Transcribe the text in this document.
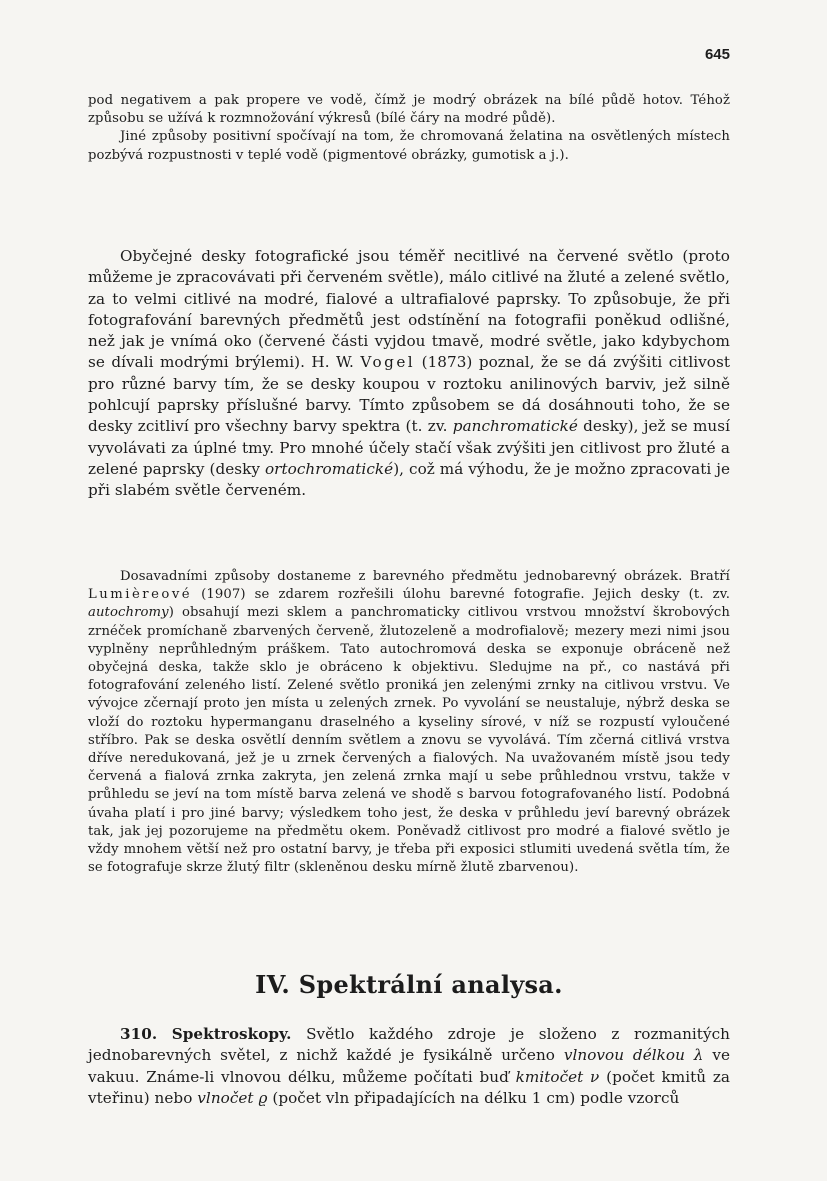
645

pod negativem a pak propere ve vodě, čímž je modrý obrázek na bílé půdě hotov. Téhož způsobu se užívá k rozmnožování výkresů (bílé čáry na modré půdě).

Jiné způsoby positivní spočívají na tom, že chromovaná želatina na osvětlených místech pozbývá rozpustnosti v teplé vodě (pigmentové obrázky, gumotisk a j.).

Obyčejné desky fotografické jsou téměř necitlivé na červené světlo (proto můžeme je zpracovávati při červeném světle), málo citlivé na žluté a zelené světlo, za to velmi citlivé na modré, fialové a ultrafialové paprsky. To způsobuje, že při fotografování barevných předmětů jest odstínění na fotografii poněkud odlišné, než jak je vnímá oko (červené části vyjdou tmavě, modré světle, jako kdybychom se dívali modrými brýlemi). H. W. Vogel (1873) poznal, že se dá zvýšiti citlivost pro různé barvy tím, že se desky koupou v roztoku anilinových barviv, jež silně pohlcují paprsky příslušné barvy. Tímto způsobem se dá dosáhnouti toho, že se desky zcitliví pro všechny barvy spektra (t. zv. panchromatické desky), jež se musí vyvolávati za úplné tmy. Pro mnohé účely stačí však zvýšiti jen citlivost pro žluté a zelené paprsky (desky ortochromatické), což má výhodu, že je možno zpracovati je při slabém světle červeném.

Dosavadními způsoby dostaneme z barevného předmětu jednobarevný obrázek. Bratří Lumièreové (1907) se zdarem rozřešili úlohu barevné fotografie. Jejich desky (t. zv. autochromy) obsahují mezi sklem a panchromaticky citlivou vrstvou množství škrobových zrnéček promíchaně zbarvených červeně, žlutozeleně a modrofialově; mezery mezi nimi jsou vyplněny neprůhledným práškem. Tato autochromová deska se exponuje obráceně než obyčejná deska, takže sklo je obráceno k objektivu. Sledujme na př., co nastává při fotografování zeleného listí. Zelené světlo proniká jen zelenými zrnky na citlivou vrstvu. Ve vývojce zčernají proto jen místa u zelených zrnek. Po vyvolání se neustaluje, nýbrž deska se vloží do roztoku hypermanganu draselného a kyseliny sírové, v níž se rozpustí vyloučené stříbro. Pak se deska osvětlí denním světlem a znovu se vyvolává. Tím zčerná citlivá vrstva dříve neredukovaná, jež je u zrnek červených a fialových. Na uvažovaném místě jsou tedy červená a fialová zrnka zakryta, jen zelená zrnka mají u sebe průhlednou vrstvu, takže v průhledu se jeví na tom místě barva zelená ve shodě s barvou fotografovaného listí. Podobná úvaha platí i pro jiné barvy; výsledkem toho jest, že deska v průhledu jeví barevný obrázek tak, jak jej pozorujeme na předmětu okem. Poněvadž citlivost pro modré a fialové světlo je vždy mnohem větší než pro ostatní barvy, je třeba při exposici stlumiti uvedená světla tím, že se fotografuje skrze žlutý filtr (skleněnou desku mírně žlutě zbarvenou).

IV. Spektrální analysa.

310. Spektroskopy. Světlo každého zdroje je složeno z rozmanitých jednobarevných světel, z nichž každé je fysikálně určeno vlnovou délkou λ ve vakuu. Známe-li vlnovou délku, můžeme počítati buď kmitočet ν (počet kmitů za vteřinu) nebo vlnočet ϱ (počet vln připadajících na délku 1 cm) podle vzorců
